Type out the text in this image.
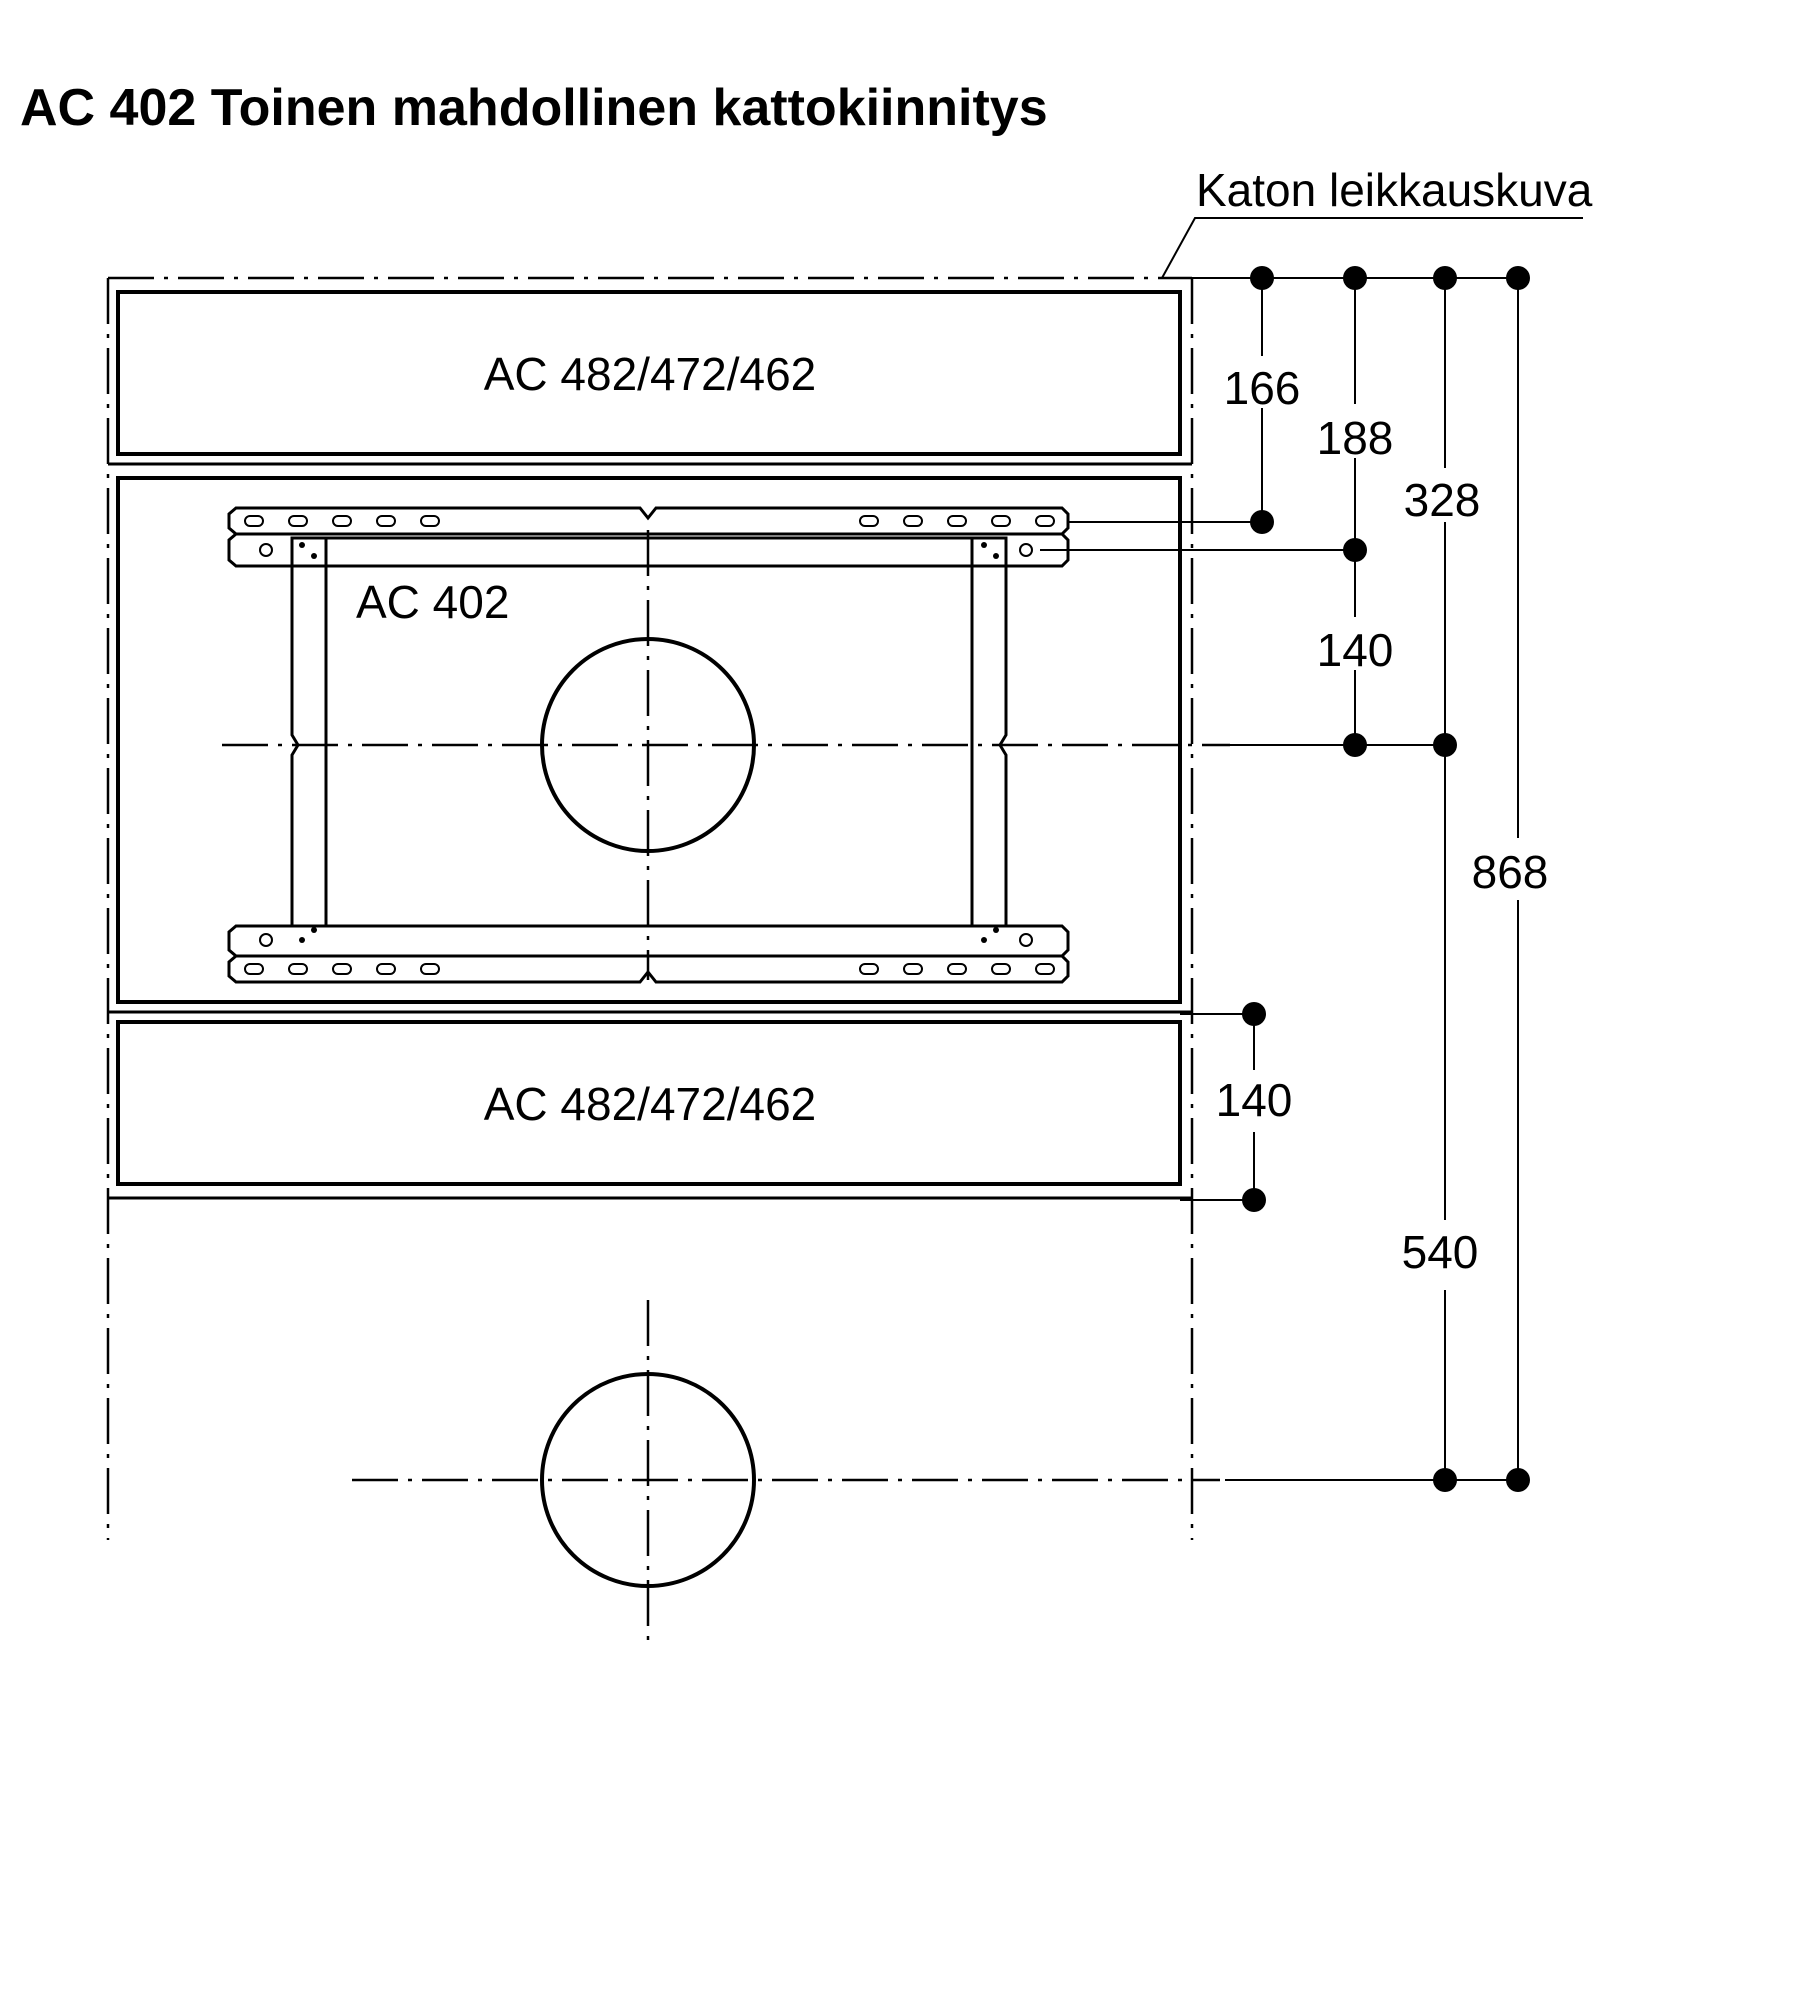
AC 402 Toinen mahdollinen kattokiinnitys
Katon leikkauskuva
AC 482/472/462
AC 402
AC 482/472/462
166
188
140
328
540
868
140
